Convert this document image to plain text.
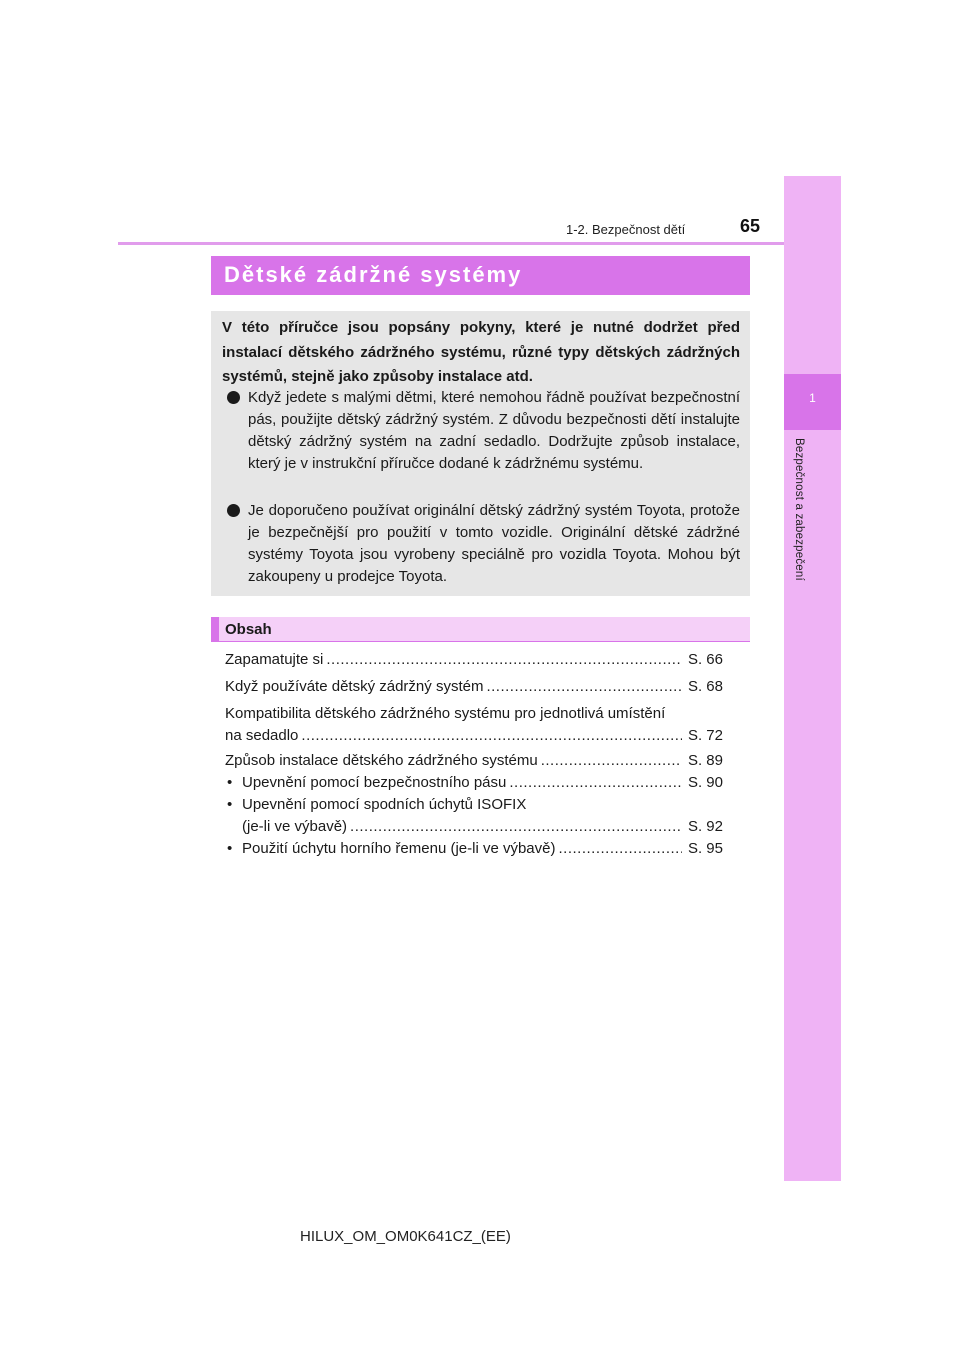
1
Bezpečnost a zabezpečení
1-2. Bezpečnost dětí	65
Dětské zádržné systémy
V této příručce jsou popsány pokyny, které je nutné dodržet před instalací dětského zádržného systému, různé typy dětských zádržných systémů, stejně jako způsoby instalace atd.
Když jedete s malými dětmi, které nemohou řádně používat bezpečnostní pás, použijte dětský zádržný systém. Z důvodu bezpečnosti dětí instalujte dětský zádržný systém na zadní sedadlo. Dodržujte způsob instalace, který je v instrukční příručce dodané k zádržnému systému.
Je doporučeno používat originální dětský zádržný systém Toyota, protože je bezpečnější pro použití v tomto vozidle. Originální dětské zádržné systémy Toyota jsou vyrobeny speciálně pro vozidla Toyota. Mohou být zakoupeny u prodejce Toyota.
Obsah
Zapamatujte si .....	S. 66
Když používáte dětský zádržný systém .....	S. 68
Kompatibilita dětského zádržného systému pro jednotlivá umístění
na sedadlo .....	S. 72
Způsob instalace dětského zádržného systému .....	S. 89
• Upevnění pomocí bezpečnostního pásu .....	S. 90
• Upevnění pomocí spodních úchytů ISOFIX
(je-li ve výbavě) .....	S. 92
• Použití úchytu horního řemenu (je-li ve výbavě) .....	S. 95
HILUX_OM_OM0K641CZ_(EE)
